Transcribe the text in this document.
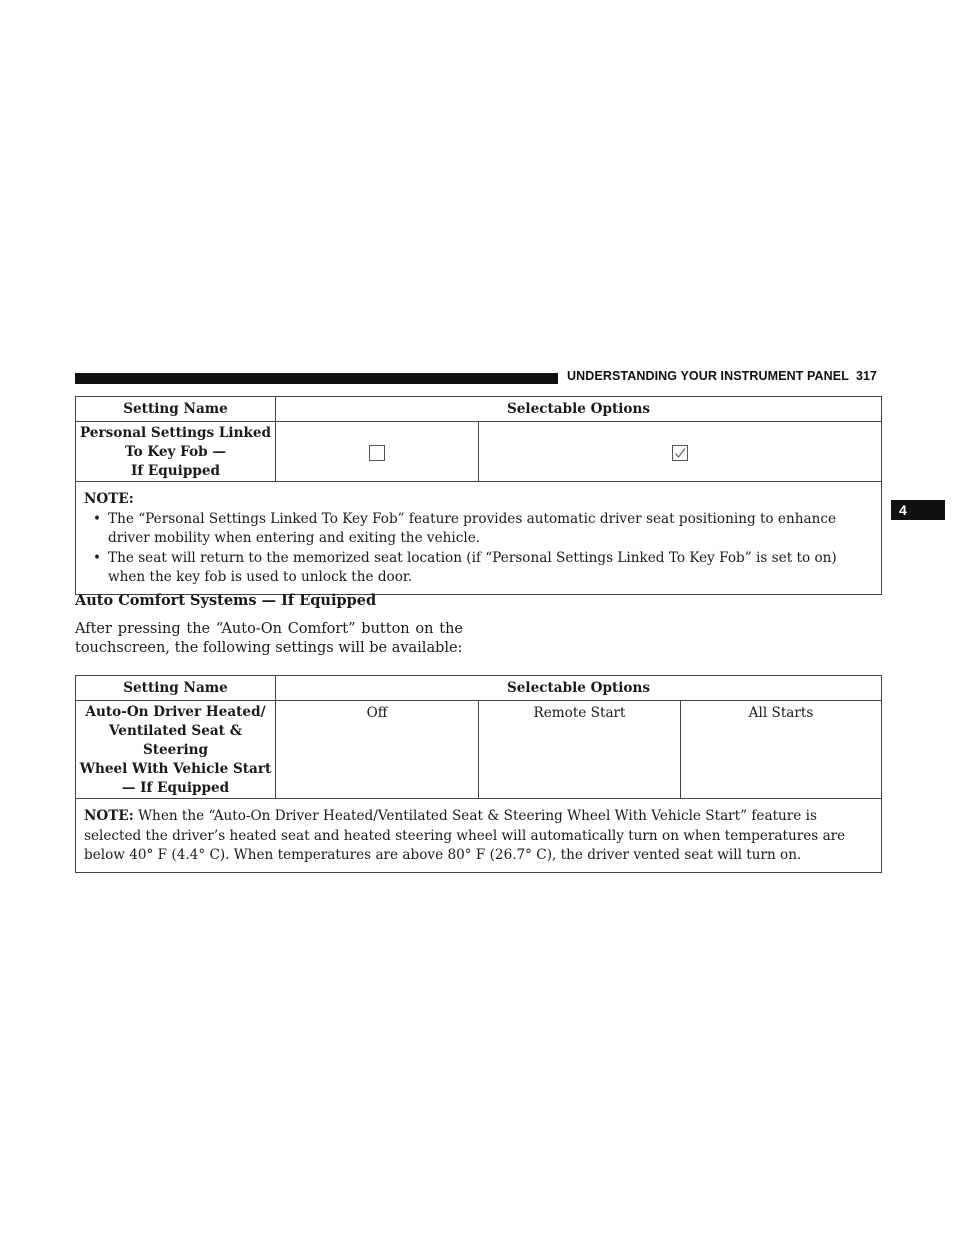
UNDERSTANDING YOUR INSTRUMENT PANEL 317
4
Setting Name	Selectable Options	

Personal Settings Linked
To Key Fob —
If Equipped

NOTE:
• The “Personal Settings Linked To Key Fob” feature provides automatic driver seat positioning to enhance driver mobility when entering and exiting the vehicle.
• The seat will return to the memorized seat location (if “Personal Settings Linked To Key Fob” is set to on) when the key fob is used to unlock the door.		
Auto Comfort Systems — If Equipped
After pressing the “Auto-On Comfort” button on the touchscreen, the following settings will be available:
Setting Name	Selectable Options		

Auto-On Driver Heated/
Ventilated Seat & Steering
Wheel With Vehicle Start
— If Equipped	Off	Remote Start	All Starts
NOTE: When the “Auto-On Driver Heated/Ventilated Seat & Steering Wheel With Vehicle Start” feature is selected the driver’s heated seat and heated steering wheel will automatically turn on when temperatures are below 40° F (4.4° C). When temperatures are above 80° F (26.7° C), the driver vented seat will turn on.			
